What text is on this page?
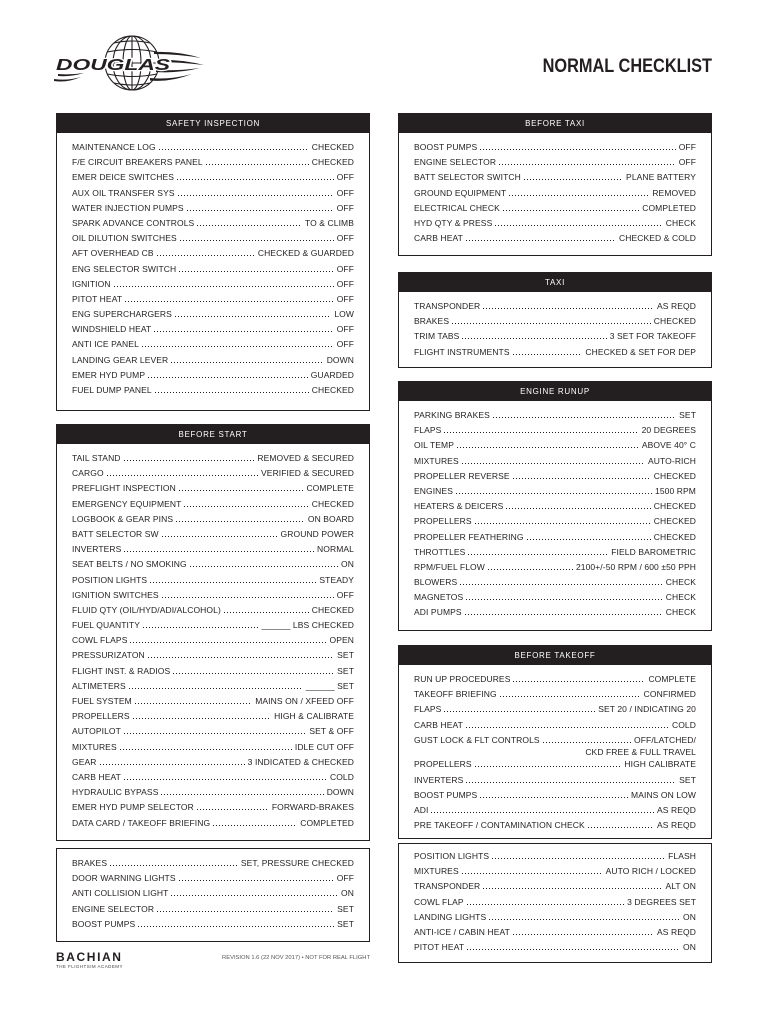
DOUGLAS	NORMAL CHECKLIST
SAFETY INSPECTION
MAINTENANCE LOG	CHECKED
F/E CIRCUIT BREAKERS PANEL	CHECKED
EMER DEICE SWITCHES	OFF
AUX OIL TRANSFER SYS	OFF
WATER INJECTION PUMPS	OFF
SPARK ADVANCE CONTROLS	TO & CLIMB
OIL DILUTION SWITCHES	OFF
AFT OVERHEAD CB	CHECKED & GUARDED
ENG SELECTOR SWITCH	OFF
IGNITION	OFF
PITOT HEAT	OFF
ENG SUPERCHARGERS	LOW
WINDSHIELD HEAT	OFF
ANTI ICE PANEL	OFF
LANDING GEAR LEVER	DOWN
EMER HYD PUMP	GUARDED
FUEL DUMP PANEL	CHECKED
BEFORE START
TAIL STAND	REMOVED & SECURED
CARGO	VERIFIED & SECURED
PREFLIGHT INSPECTION	COMPLETE
EMERGENCY EQUIPMENT	CHECKED
LOGBOOK & GEAR PINS	ON BOARD
BATT SELECTOR SW	GROUND POWER
INVERTERS	NORMAL
SEAT BELTS / NO SMOKING	ON
POSITION LIGHTS	STEADY
IGNITION SWITCHES	OFF
FLUID QTY (OIL/HYD/ADI/ALCOHOL)	CHECKED
FUEL QUANTITY	______ LBS CHECKED
COWL FLAPS	OPEN
PRESSURIZATON	SET
FLIGHT INST. & RADIOS	SET
ALTIMETERS	______ SET
FUEL SYSTEM	MAINS ON / XFEED OFF
PROPELLERS	HIGH & CALIBRATE
AUTOPILOT	SET & OFF
MIXTURES	IDLE CUT OFF
GEAR	3 INDICATED & CHECKED
CARB HEAT	COLD
HYDRAULIC BYPASS	DOWN
EMER HYD PUMP SELECTOR	FORWARD-BRAKES
DATA CARD / TAKEOFF BRIEFING	COMPLETED
BRAKES	SET, PRESSURE CHECKED
DOOR WARNING LIGHTS	OFF
ANTI COLLISION LIGHT	ON
ENGINE SELECTOR	SET
BOOST PUMPS	SET
BEFORE TAXI
BOOST PUMPS	OFF
ENGINE SELECTOR	OFF
BATT SELECTOR SWITCH	PLANE BATTERY
GROUND EQUIPMENT	REMOVED
ELECTRICAL CHECK	COMPLETED
HYD QTY & PRESS	CHECK
CARB HEAT	CHECKED & COLD
TAXI
TRANSPONDER	AS REQD
BRAKES	CHECKED
TRIM TABS	3 SET FOR TAKEOFF
FLIGHT INSTRUMENTS	CHECKED & SET FOR DEP
ENGINE RUNUP
PARKING BRAKES	SET
FLAPS	20 DEGREES
OIL TEMP	ABOVE 40° C
MIXTURES	AUTO-RICH
PROPELLER REVERSE	CHECKED
ENGINES	1500 RPM
HEATERS & DEICERS	CHECKED
PROPELLERS	CHECKED
PROPELLER FEATHERING	CHECKED
THROTTLES	FIELD BAROMETRIC
RPM/FUEL FLOW	2100+/-50 RPM / 600 ±50 PPH
BLOWERS	CHECK
MAGNETOS	CHECK
ADI PUMPS	CHECK
BEFORE TAKEOFF
RUN UP PROCEDURES	COMPLETE
TAKEOFF BRIEFING	CONFIRMED
FLAPS	SET 20 / INDICATING 20
CARB HEAT	COLD
GUST LOCK & FLT CONTROLS	OFF/LATCHED/
CKD FREE & FULL TRAVEL
PROPELLERS	HIGH CALIBRATE
INVERTERS	SET
BOOST PUMPS	MAINS ON LOW
ADI	AS REQD
PRE TAKEOFF / CONTAMINATION CHECK	AS REQD
POSITION LIGHTS	FLASH
MIXTURES	AUTO RICH / LOCKED
TRANSPONDER	ALT ON
COWL FLAP	3 DEGREES SET
LANDING LIGHTS	ON
ANTI-ICE / CABIN HEAT	AS REQD
PITOT HEAT	ON
BACHIAN
THE FLIGHTSIM ACADEMY
REVISION 1.6 (22 NOV 2017) • NOT FOR REAL FLIGHT
